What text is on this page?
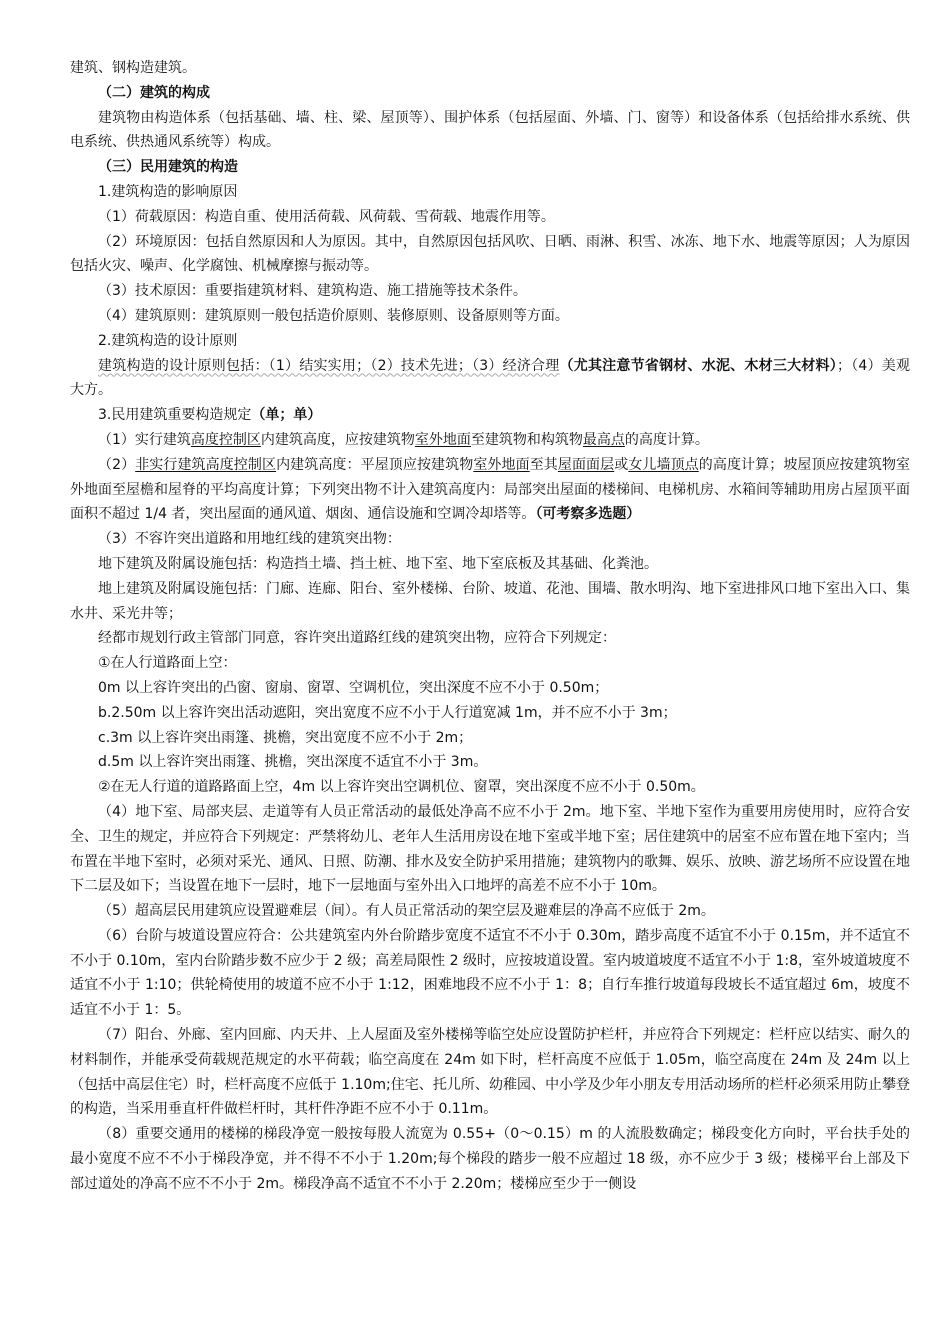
建筑、钢构造建筑。

（二）建筑的构成

建筑物由构造体系（包括基础、墙、柱、梁、屋顶等）、围护体系（包括屋面、外墙、门、窗等）和设备体系（包括给排水系统、供电系统、供热通风系统等）构成。

（三）民用建筑的构造

1.建筑构造的影响原因

（1）荷载原因：构造自重、使用活荷载、风荷载、雪荷载、地震作用等。

（2）环境原因：包括自然原因和人为原因。其中，自然原因包括风吹、日晒、雨淋、积雪、冰冻、地下水、地震等原因；人为原因包括火灾、噪声、化学腐蚀、机械摩擦与振动等。

（3）技术原因：重要指建筑材料、建筑构造、施工措施等技术条件。

（4）建筑原则：建筑原则一般包括造价原则、装修原则、设备原则等方面。

2.建筑构造的设计原则

建筑构造的设计原则包括：（1）结实实用；（2）技术先进；（3）经济合理（尤其注意节省钢材、水泥、木材三大材料）；（4）美观大方。

3.民用建筑重要构造规定（单；单）

（1）实行建筑高度控制区内建筑高度，应按建筑物室外地面至建筑物和构筑物最高点的高度计算。

（2）非实行建筑高度控制区内建筑高度：平屋顶应按建筑物室外地面至其屋面面层或女儿墙顶点的高度计算；坡屋顶应按建筑物室外地面至屋檐和屋脊的平均高度计算；下列突出物不计入建筑高度内：局部突出屋面的楼梯间、电梯机房、水箱间等辅助用房占屋顶平面面积不超过 1/4 者，突出屋面的通风道、烟囱、通信设施和空调冷却塔等。（可考察多选题）

（3）不容许突出道路和用地红线的建筑突出物：

地下建筑及附属设施包括：构造挡土墙、挡土桩、地下室、地下室底板及其基础、化粪池。

地上建筑及附属设施包括：门廊、连廊、阳台、室外楼梯、台阶、坡道、花池、围墙、散水明沟、地下室进排风口地下室出入口、集水井、采光井等；

经都市规划行政主管部门同意，容许突出道路红线的建筑突出物，应符合下列规定：

①在人行道路面上空：

0m 以上容许突出的凸窗、窗扇、窗罩、空调机位，突出深度不应不小于 0.50m；

b.2.50m 以上容许突出活动遮阳，突出宽度不应不小于人行道宽减 1m，并不应不小于 3m；

c.3m 以上容许突出雨篷、挑檐，突出宽度不应不小于 2m；

d.5m 以上容许突出雨篷、挑檐，突出深度不适宜不小于 3m。

②在无人行道的道路路面上空，4m 以上容许突出空调机位、窗罩，突出深度不应不小于 0.50m。

（4）地下室、局部夹层、走道等有人员正常活动的最低处净高不应不小于 2m。地下室、半地下室作为重要用房使用时，应符合安全、卫生的规定，并应符合下列规定：严禁将幼儿、老年人生活用房设在地下室或半地下室；居住建筑中的居室不应布置在地下室内；当布置在半地下室时，必须对采光、通风、日照、防潮、排水及安全防护采用措施；建筑物内的歌舞、娱乐、放映、游艺场所不应设置在地下二层及如下；当设置在地下一层时，地下一层地面与室外出入口地坪的高差不应不小于 10m。

（5）超高层民用建筑应设置避难层（间）。有人员正常活动的架空层及避难层的净高不应低于 2m。

（6）台阶与坡道设置应符合：公共建筑室内外台阶踏步宽度不适宜不不小于 0.30m，踏步高度不适宜不小于 0.15m，并不适宜不不小于 0.10m，室内台阶踏步数不应少于 2 级；高差局限性 2 级时，应按坡道设置。室内坡道坡度不适宜不小于 1:8，室外坡道坡度不适宜不小于 1:10；供轮椅使用的坡道不应不小于 1:12，困难地段不应不小于 1：8；自行车推行坡道每段坡长不适宜超过 6m，坡度不适宜不小于 1：5。

（7）阳台、外廊、室内回廊、内天井、上人屋面及室外楼梯等临空处应设置防护栏杆，并应符合下列规定：栏杆应以结实、耐久的材料制作，并能承受荷载规范规定的水平荷载；临空高度在 24m 如下时，栏杆高度不应低于 1.05m，临空高度在 24m 及 24m 以上（包括中高层住宅）时，栏杆高度不应低于 1.10m;住宅、托儿所、幼稚园、中小学及少年小朋友专用活动场所的栏杆必须采用防止攀登的构造，当采用垂直杆件做栏杆时，其杆件净距不应不小于 0.11m。

（8）重要交通用的楼梯的梯段净宽一般按每股人流宽为 0.55+（0～0.15）m 的人流股数确定；梯段变化方向时，平台扶手处的最小宽度不应不不小于梯段净宽，并不得不不小于 1.20m;每个梯段的踏步一般不应超过 18 级，亦不应少于 3 级；楼梯平台上部及下部过道处的净高不应不不小于 2m。梯段净高不适宜不不小于 2.20m；楼梯应至少于一侧设
